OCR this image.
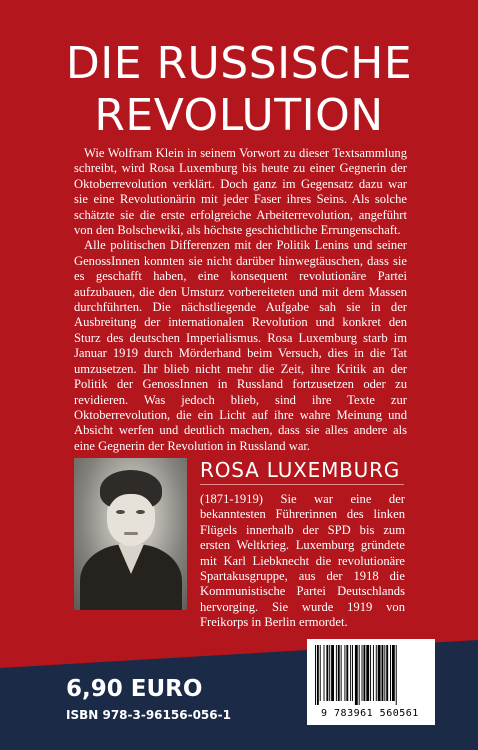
DIE RUSSISCHE
REVOLUTION

Wie Wolfram Klein in seinem Vorwort zu dieser Textsammlung schreibt, wird Rosa Luxemburg bis heute zu einer Gegnerin der Oktoberrevolution verklärt. Doch ganz im Gegensatz dazu war sie eine Revolutionärin mit jeder Faser ihres Seins. Als solche schätzte sie die erste erfolgreiche Arbeiterrevolution, angeführt von den Bolschewiki, als höchste geschichtliche Errungenschaft.

Alle politischen Differenzen mit der Politik Lenins und seiner GenossInnen konnten sie nicht darüber hinwegtäuschen, dass sie es geschafft haben, eine konsequent revolutionäre Partei aufzubauen, die den Umsturz vorbereiteten und mit dem Massen durchführten. Die nächstliegende Aufgabe sah sie in der Ausbreitung der internationalen Revolution und konkret den Sturz des deutschen Imperialismus. Rosa Luxemburg starb im Januar 1919 durch Mörderhand beim Versuch, dies in die Tat umzusetzen. Ihr blieb nicht mehr die Zeit, ihre Kritik an der Politik der GenossInnen in Russland fortzusetzen oder zu revidieren. Was jedoch blieb, sind ihre Texte zur Oktoberrevolution, die ein Licht auf ihre wahre Meinung und Absicht werfen und deutlich machen, dass sie alles andere als eine Gegnerin der Revolution in Russland war.

ROSA LUXEMBURG

(1871-1919) Sie war eine der bekanntesten Führerinnen des linken Flügels innerhalb der SPD bis zum ersten Weltkrieg. Luxemburg gründete mit Karl Liebknecht die revolutionäre Spartakusgruppe, aus der 1918 die Kommunistische Partei Deutschlands hervorging. Sie wurde 1919 von Freikorps in Berlin ermordet.

6,90 EURO

ISBN 978-3-96156-056-1	9 783961 560561
